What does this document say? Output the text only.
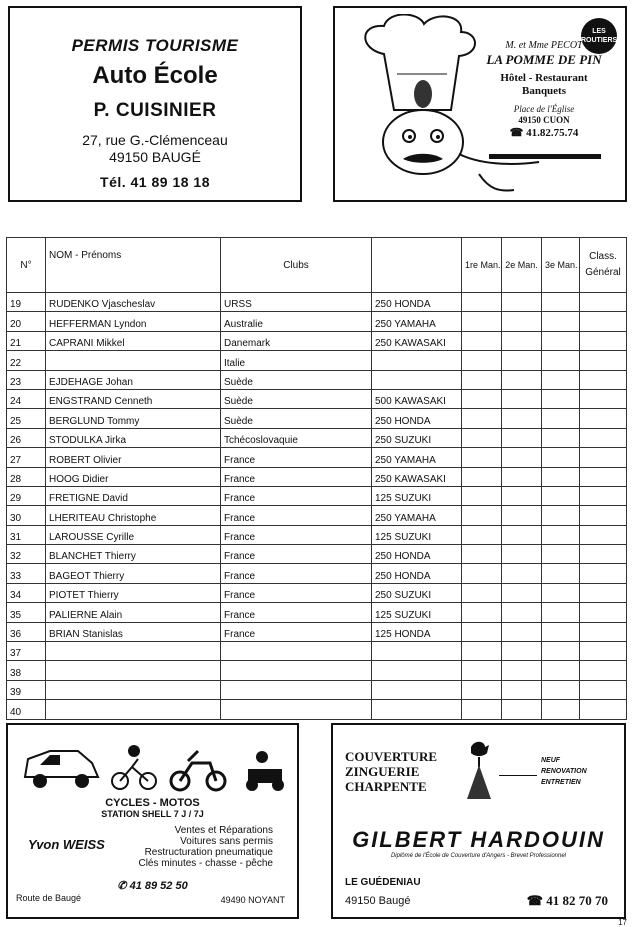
PERMIS TOURISME
Auto École
P. CUISINIER
27, rue G.-Clémenceau
49150 BAUGÉ
Tél. 41 89 18 18
LES ROUTIERS
M. et Mme PECOT
LA POMME DE PIN
Hôtel - Restaurant
Banquets
Place de l'Église
49150 CUON
☎ 41.82.75.74
N°	NOM - Prénoms	Clubs		1re Man.	2e Man.	3e Man.	Class. Général
19	RUDENKO Vjascheslav	URSS	250 HONDA				
20	HEFFERMAN Lyndon	Australie	250 YAMAHA				
21	CAPRANI Mikkel	Danemark	250 KAWASAKI				
22		Italie					
23	EJDEHAGE Johan	Suède					
24	ENGSTRAND Cenneth	Suède	500 KAWASAKI				
25	BERGLUND Tommy	Suède	250 HONDA				
26	STODULKA Jirka	Tchécoslovaquie	250 SUZUKI				
27	ROBERT Olivier	France	250 YAMAHA				
28	HOOG Didier	France	250 KAWASAKI				
29	FRETIGNE David	France	125 SUZUKI				
30	LHERITEAU Christophe	France	250 YAMAHA				
31	LAROUSSE Cyrille	France	125 SUZUKI				
32	BLANCHET Thierry	France	250 HONDA				
33	BAGEOT Thierry	France	250 HONDA				
34	PIOTET Thierry	France	250 SUZUKI				
35	PALIERNE Alain	France	125 SUZUKI				
36	BRIAN Stanislas	France	125 HONDA				
37							
38							
39							
40							
CYCLES - MOTOS
STATION SHELL 7 J / 7J
Yvon WEISS
Ventes et Réparations
Voitures sans permis
Restructuration pneumatique
Clés minutes - chasse - pêche
✆ 41 89 52 50
Route de Baugé	49490 NOYANT
COUVERTURE
ZINGUERIE
CHARPENTE
NEUF
RENOVATION
ENTRETIEN
GILBERT HARDOUIN
Diplômé de l'École de Couverture d'Angers - Brevet Professionnel
LE GUÉDENIAU
49150 Baugé	☎ 41 82 70 70
17
